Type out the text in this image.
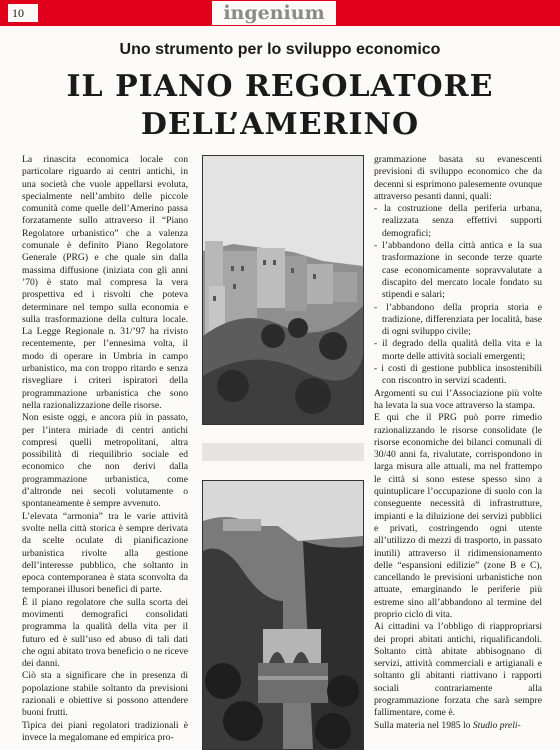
10	ingenium
Uno strumento per lo sviluppo economico
IL PIANO REGOLATORE
DELL’AMERINO

La rinascita economica locale con particolare riguardo ai centri antichi, in una società che vuole appellarsi evoluta, specialmente nell’ambito delle piccole comunità come quelle dell’Amerino passa forzatamente sullo attraverso il “Piano Regolatore urbanistico” che a valenza comunale è definito Piano Regolatore Generale (PRG) e che quale sin dalla massima diffusione (iniziata con gli anni ’70) è stato mal compresa la vera prospettiva ed i risvolti che poteva determinare nel tempo sulla economia e sulla trasformazione della cultura locale. La Legge Regionale n. 31/’97 ha rivisto recentemente, per l’ennesima volta, il modo di operare in Umbria in campo urbanistico, ma con troppo ritardo e senza risvegliare i criteri ispiratori della programmazione urbanistica che sono nella razionalizzazione delle risorse.

Non esiste oggi, e ancora più in passato, per l’intera miriade di centri antichi compresi quelli metropolitani, altra possibilità di riequilibrio sociale ed economico che non derivi dalla programmazione urbanistica, come d’altronde nei secoli volutamente o spontaneamente è sempre avvenuto.

L’elevata “armonia” tra le varie attività svolte nella città storica è sempre derivata da scelte oculate di pianificazione urbanistica rivolte alla gestione dell’interesse pubblico, che soltanto in epoca contemporanea è stata sconvolta da temporanei illusori benefici di parte.

È il piano regolatore che sulla scorta dei movimenti demografici consolidati programma la qualità della vita per il futuro ed è sull’uso ed abuso di tali dati che ogni abitato trova beneficio o ne riceve dei danni.

Ciò sta a significare che in presenza di popolazione stabile soltanto da previsioni razionali e obiettive si possono attendere buoni frutti.

Tipica dei piani regolatori tradizionali è invece la megalomane ed empirica pro-

grammazione basata su evanescenti previsioni di sviluppo economico che da decenni si esprimono palesemente ovunque attraverso pesanti danni, quali:

- la costruzione della periferia urbana, realizzata senza effettivi supporti demografici;
- l’abbandono della città antica e la sua trasformazione in seconde terze quarte case economicamente sopravvalutate a discapito del mercato locale fondato su stipendi e salari;
- l’abbandono della propria storia e tradizione, differenziata per località, base di ogni sviluppo civile;
- il degrado della qualità della vita e la morte delle attività sociali emergenti;
- i costi di gestione pubblica insostenibili con riscontro in servizi scadenti.

Argomenti su cui l’Associazione più volte ha levata la sua voce attraverso la stampa.

E qui che il PRG può porre rimedio razionalizzando le risorse consolidate (le risorse economiche dei bilanci comunali di 30/40 anni fa, rivalutate, corrispondono in larga misura alle attuali, ma nel frattempo le città si sono estese spesso sino a quintuplicare l’occupazione di suolo con la conseguente necessità di infrastrutture, impianti e la diluizione dei servizi pubblici e privati, costringendo ogni utente all’utilizzo di mezzi di trasporto, in passato inutili) attraverso il ridimensionamento delle “espansioni edilizie” (zone B e C), cancellando le previsioni urbanistiche non attuate, emarginando le periferie più estreme sino all’abbandono al termine del proprio ciclo di vita.

Ai cittadini va l’obbligo di riappropriarsi dei propri abitati antichi, riqualificandoli. Soltanto città abitate abbisognano di servizi, attività commerciali e artigianali e soltanto gli abitanti riattivano i rapporti sociali contrariamente alla programmazione forzata che sarà sempre fallimentare, come è.

Sulla materia nel 1985 lo Studio preli-
